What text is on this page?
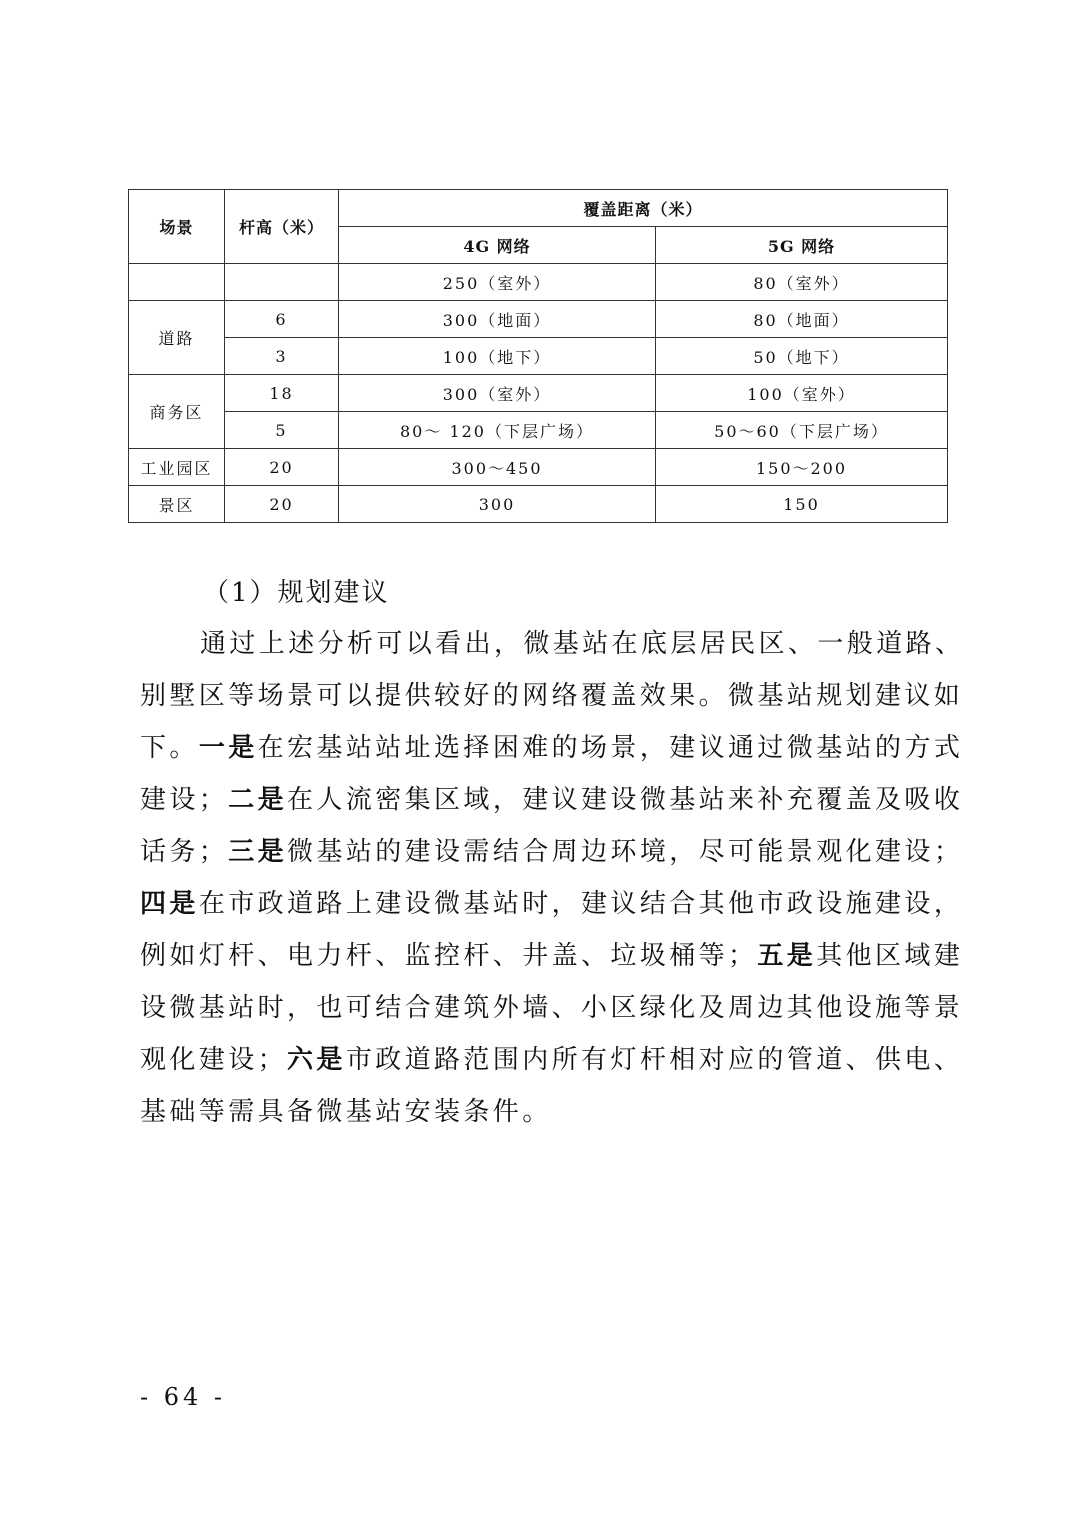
场景	杆高（米）	覆盖距离（米）	
		4G 网络	5G 网络
		250（室外）	80（室外）
道路	6	300（地面）	80（地面）
	3	100（地下）	50（地下）
商务区	18	300（室外）	100（室外）
	5	80～ 120（下层广场）	50～60（下层广场）
工业园区	20	300～450	150～200
景区	20	300	150
（1）规划建议
通过上述分析可以看出，微基站在底层居民区、一般道路、
别墅区等场景可以提供较好的网络覆盖效果。微基站规划建议如
下。一是在宏基站站址选择困难的场景，建议通过微基站的方式
建设；二是在人流密集区域，建议建设微基站来补充覆盖及吸收
话务；三是微基站的建设需结合周边环境，尽可能景观化建设；
四是在市政道路上建设微基站时，建议结合其他市政设施建设，
例如灯杆、电力杆、监控杆、井盖、垃圾桶等；五是其他区域建
设微基站时，也可结合建筑外墙、小区绿化及周边其他设施等景
观化建设；六是市政道路范围内所有灯杆相对应的管道、供电、
基础等需具备微基站安装条件。
- 64 -
